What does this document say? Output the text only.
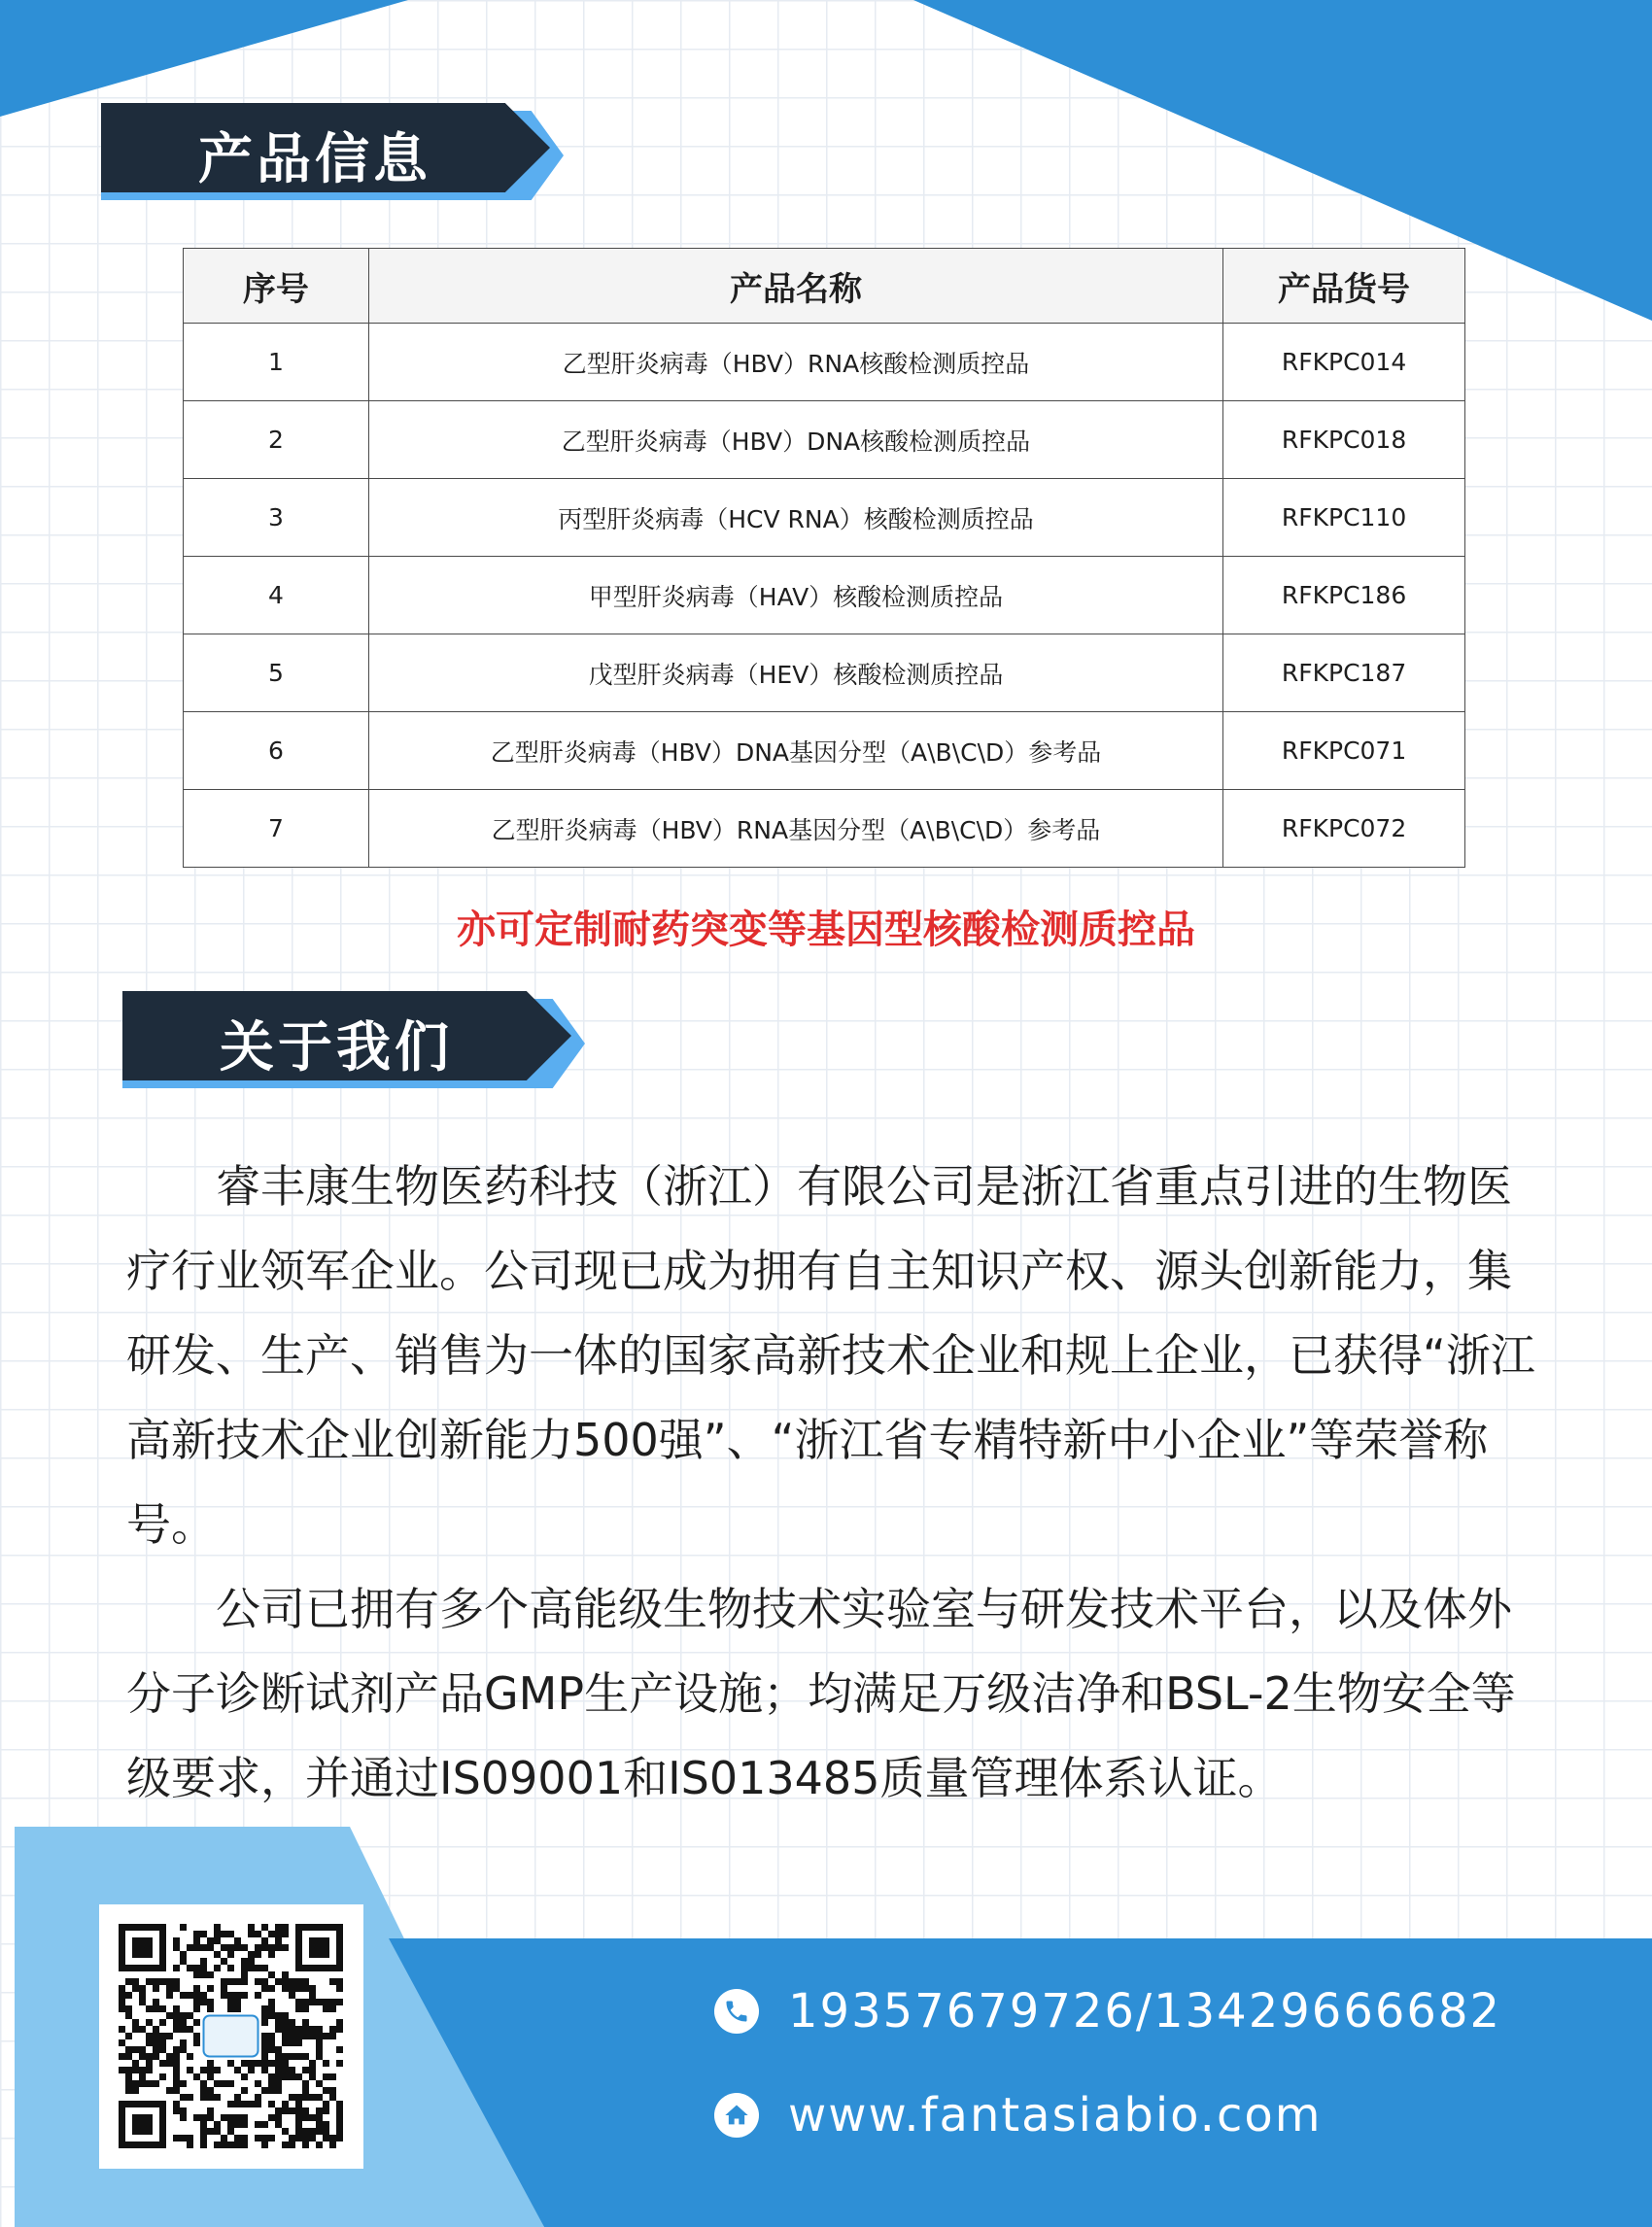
产品信息
序号	产品名称	产品货号
1	乙型肝炎病毒（HBV）RNA核酸检测质控品	RFKPC014
2	乙型肝炎病毒（HBV）DNA核酸检测质控品	RFKPC018
3	丙型肝炎病毒（HCV RNA）核酸检测质控品	RFKPC110
4	甲型肝炎病毒（HAV）核酸检测质控品	RFKPC186
5	戊型肝炎病毒（HEV）核酸检测质控品	RFKPC187
6	乙型肝炎病毒（HBV）DNA基因分型（A\B\C\D）参考品	RFKPC071
7	乙型肝炎病毒（HBV）RNA基因分型（A\B\C\D）参考品	RFKPC072
亦可定制耐药突变等基因型核酸检测质控品
关于我们

睿丰康生物医药科技（浙江）有限公司是浙江省重点引进的生物医疗行业领军企业。公司现已成为拥有自主知识产权、源头创新能力，集研发、生产、销售为一体的国家高新技术企业和规上企业，已获得“浙江高新技术企业创新能力500强”、“浙江省专精特新中小企业”等荣誉称号。

公司已拥有多个高能级生物技术实验室与研发技术平台，以及体外分子诊断试剂产品GMP生产设施；均满足万级洁净和BSL-2生物安全等级要求，并通过IS09001和IS013485质量管理体系认证。

19357679726/13429666682
www.fantasiabio.com
